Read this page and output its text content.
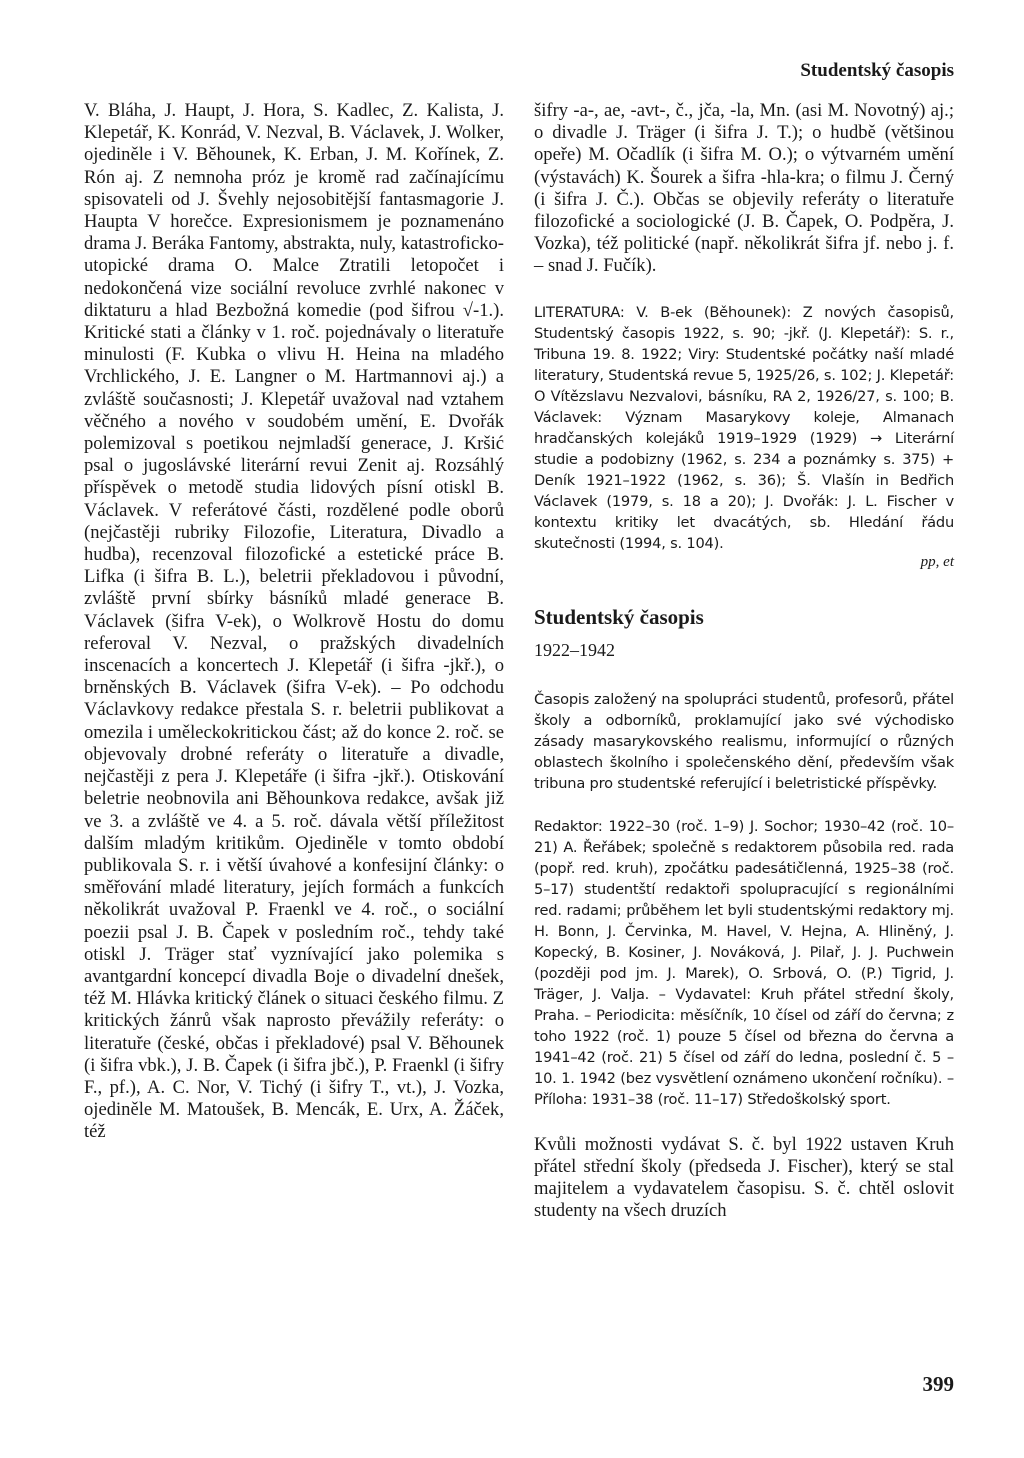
Studentský časopis

V. Bláha, J. Haupt, J. Hora, S. Kadlec, Z. Kalista, J. Klepetář, K. Konrád, V. Nezval, B. Václavek, J. Wolker, ojediněle i V. Běhounek, K. Erban, J. M. Kořínek, Z. Rón aj. Z nemnoha próz je kromě rad začínajícímu spisovateli od J. Švehly nejosobitější fantasmagorie J. Haupta V horečce. Expresionismem je poznamenáno drama J. Beráka Fantomy, abstrakta, nuly, katastroficko-utopické drama O. Malce Ztratili letopočet i nedokončená vize sociální revoluce zvrhlé nakonec v diktaturu a hlad Bezbožná komedie (pod šifrou √-1.). Kritické stati a články v 1. roč. pojednávaly o literatuře minulosti (F. Kubka o vlivu H. Heina na mladého Vrchlického, J. E. Langner o M. Hartmannovi aj.) a zvláště současnosti; J. Klepetář uvažoval nad vztahem věčného a nového v soudobém umění, E. Dvořák polemizoval s poetikou nejmladší generace, J. Kršić psal o jugoslávské literární revui Zenit aj. Rozsáhlý příspěvek o metodě studia lidových písní otiskl B. Václavek. V referátové části, rozdělené podle oborů (nejčastěji rubriky Filozofie, Literatura, Divadlo a hudba), recenzoval filozofické a estetické práce B. Lifka (i šifra B. L.), beletrii překladovou i původní, zvláště první sbírky básníků mladé generace B. Václavek (šifra V-ek), o Wolkrově Hostu do domu referoval V. Nezval, o pražských divadelních inscenacích a koncertech J. Klepetář (i šifra -jkř.), o brněnských B. Václavek (šifra V-ek). – Po odchodu Václavkovy redakce přestala S. r. beletrii publikovat a omezila i uměleckokritickou část; až do konce 2. roč. se objevovaly drobné referáty o literatuře a divadle, nejčastěji z pera J. Klepetáře (i šifra -jkř.). Otiskování beletrie neobnovila ani Běhounkova redakce, avšak již ve 3. a zvláště ve 4. a 5. roč. dávala větší příležitost dalším mladým kritikům. Ojediněle v tomto období publikovala S. r. i větší úvahové a konfesijní články: o směřování mladé literatury, jejích formách a funkcích několikrát uvažoval P. Fraenkl ve 4. roč., o sociální poezii psal J. B. Čapek v posledním roč., tehdy také otiskl J. Träger stať vyznívající jako polemika s avantgardní koncepcí divadla Boje o divadelní dnešek, též M. Hlávka kritický článek o situaci českého filmu. Z kritických žánrů však naprosto převážily referáty: o literatuře (české, občas i překladové) psal V. Běhounek (i šifra vbk.), J. B. Čapek (i šifra jbč.), P. Fraenkl (i šifry F., pf.), A. C. Nor, V. Tichý (i šifry T., vt.), J. Vozka, ojediněle M. Matoušek, B. Mencák, E. Urx, A. Žáček, též

šifry -a-, ae, -avt-, č., jča, -la, Mn. (asi M. Novotný) aj.; o divadle J. Träger (i šifra J. T.); o hudbě (většinou opeře) M. Očadlík (i šifra M. O.); o výtvarném umění (výstavách) K. Šourek a šifra -hla-kra; o filmu J. Černý (i šifra J. Č.). Občas se objevily referáty o literatuře filozofické a sociologické (J. B. Čapek, O. Podpěra, J. Vozka), též politické (např. několikrát šifra jf. nebo j. f. – snad J. Fučík).

LITERATURA: V. B-ek (Běhounek): Z nových časopisů, Studentský časopis 1922, s. 90; -jkř. (J. Klepetář): S. r., Tribuna 19. 8. 1922; Viry: Studentské počátky naší mladé literatury, Studentská revue 5, 1925/26, s. 102; J. Klepetář: O Vítězslavu Nezvalovi, básníku, RA 2, 1926/27, s. 100; B. Václavek: Význam Masarykovy koleje, Almanach hradčanských kolejáků 1919–1929 (1929) → Literární studie a podobizny (1962, s. 234 a poznámky s. 375) + Deník 1921–1922 (1962, s. 36); Š. Vlašín in Bedřich Václavek (1979, s. 18 a 20); J. Dvořák: J. L. Fischer v kontextu kritiky let dvacátých, sb. Hledání řádu skutečnosti (1994, s. 104).

pp, et

Studentský časopis
1922–1942

Časopis založený na spolupráci studentů, profesorů, přátel školy a odborníků, proklamující jako své východisko zásady masarykovského realismu, informující o různých oblastech školního i společenského dění, především však tribuna pro studentské referující i beletristické příspěvky.

Redaktor: 1922–30 (roč. 1–9) J. Sochor; 1930–42 (roč. 10–21) A. Řeřábek; společně s redaktorem působila red. rada (popř. red. kruh), zpočátku padesátičlenná, 1925–38 (roč. 5–17) studentští redaktoři spolupracující s regionálními red. radami; průběhem let byli studentskými redaktory mj. H. Bonn, J. Červinka, M. Havel, V. Hejna, A. Hliněný, J. Kopecký, B. Kosiner, J. Nováková, J. Pilař, J. J. Puchwein (později pod jm. J. Marek), O. Srbová, O. (P.) Tigrid, J. Träger, J. Valja. – Vydavatel: Kruh přátel střední školy, Praha. – Periodicita: měsíčník, 10 čísel od září do června; z toho 1922 (roč. 1) pouze 5 čísel od března do června a 1941–42 (roč. 21) 5 čísel od září do ledna, poslední č. 5 – 10. 1. 1942 (bez vysvětlení oznámeno ukončení ročníku). – Příloha: 1931–38 (roč. 11–17) Středoškolský sport.

Kvůli možnosti vydávat S. č. byl 1922 ustaven Kruh přátel střední školy (předseda J. Fischer), který se stal majitelem a vydavatelem časopisu. S. č. chtěl oslovit studenty na všech druzích

399
